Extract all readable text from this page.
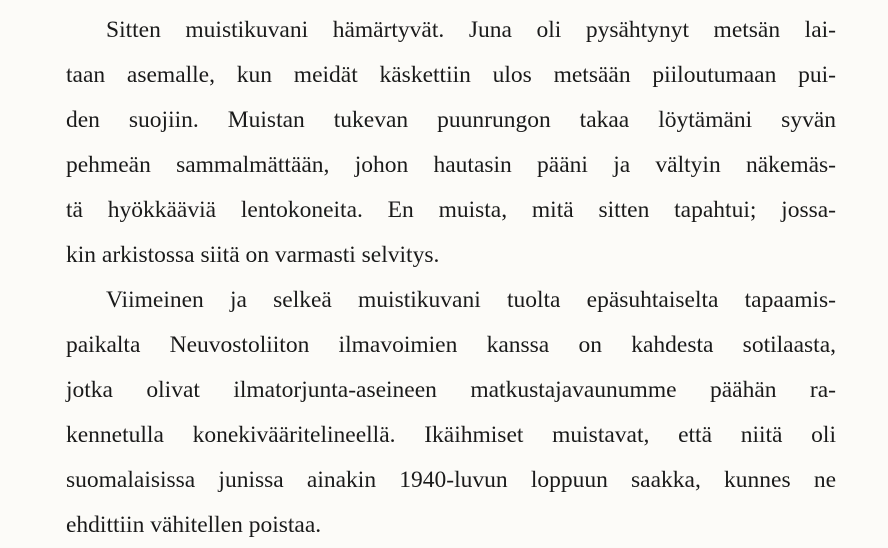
Sitten muistikuvani hämärtyvät. Juna oli pysähtynyt metsän lai-
taan asemalle, kun meidät käskettiin ulos metsään piiloutumaan pui-
den suojiin. Muistan tukevan puunrungon takaa löytämäni syvän
pehmeän sammalmättään, johon hautasin pääni ja vältyin näkemäs-
tä hyökkääviä lentokoneita. En muista, mitä sitten tapahtui; jossa-
kin arkistossa siitä on varmasti selvitys.

Viimeinen ja selkeä muistikuvani tuolta epäsuhtaiselta tapaamis-
paikalta Neuvostoliiton ilmavoimien kanssa on kahdesta sotilaasta,
jotka olivat ilmatorjunta-aseineen matkustajavaunumme päähän ra-
kennetulla konekivääritelineellä. Ikäihmiset muistavat, että niitä oli
suomalaisissa junissa ainakin 1940-luvun loppuun saakka, kunnes ne
ehdittiin vähitellen poistaa.
